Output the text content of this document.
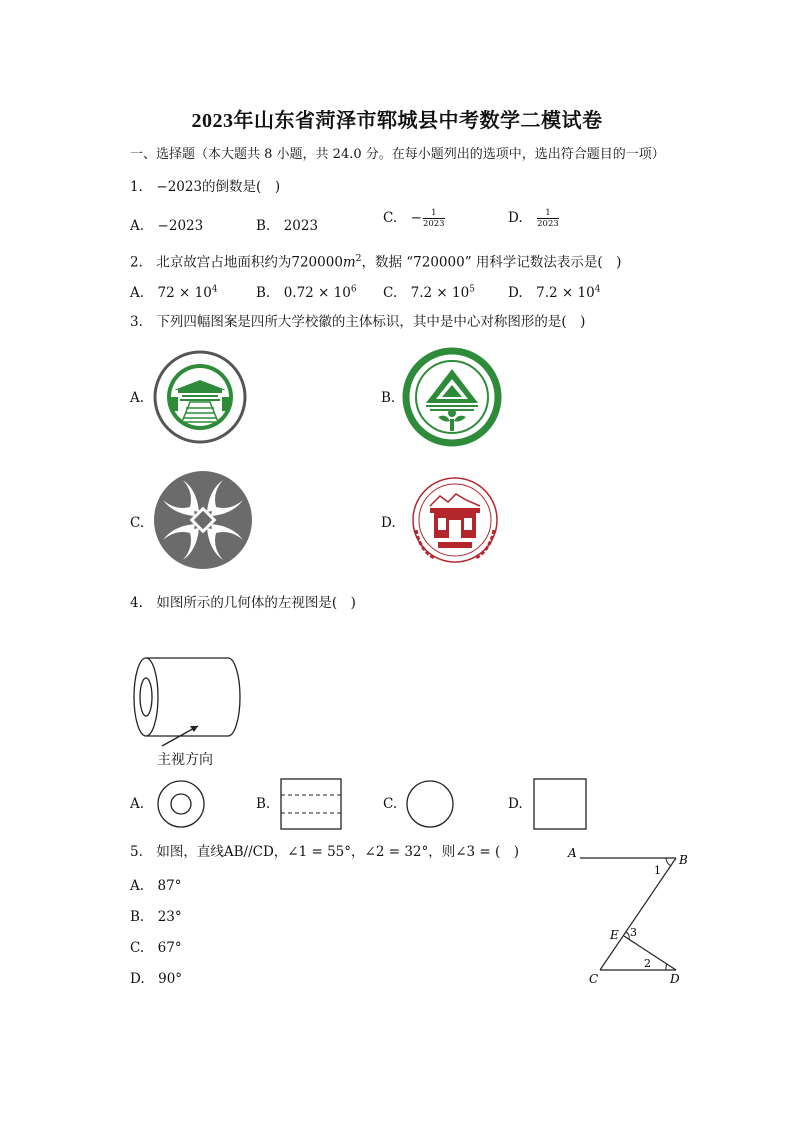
2023年山东省菏泽市郓城县中考数学二模试卷
一、选择题（本大题共 8 小题，共 24.0 分。在每小题列出的选项中，选出符合题目的一项）
1.　−2023的倒数是(　)
A.　−2023	B.　2023	C.　− $\frac{1}{2023}$	D.　 $\frac{1}{2023}$
2.　北京故宫占地面积约为$720000m^2$，数据 “720000” 用科学记数法表示是(　)
A.　$72 \times 10^4$	B.　$0.72 \times 10^6$ C.　$7.2 \times 10^5$ D.　$7.2 \times 10^4$
3.　下列四幅图案是四所大学校徽的主体标识，其中是中心对称图形的是(　)
A.	B.
C.	D.
4.　如图所示的几何体的左视图是(　)
主视方向
A.	B.	C.	D.
5.　如图，直线AB//CD，∠1 = 55°，∠2 = 32°，则∠3 = (　)
A.　87°
B.　23°
C.　67°
D.　90°
A	B
C	D
E
1
2
3
